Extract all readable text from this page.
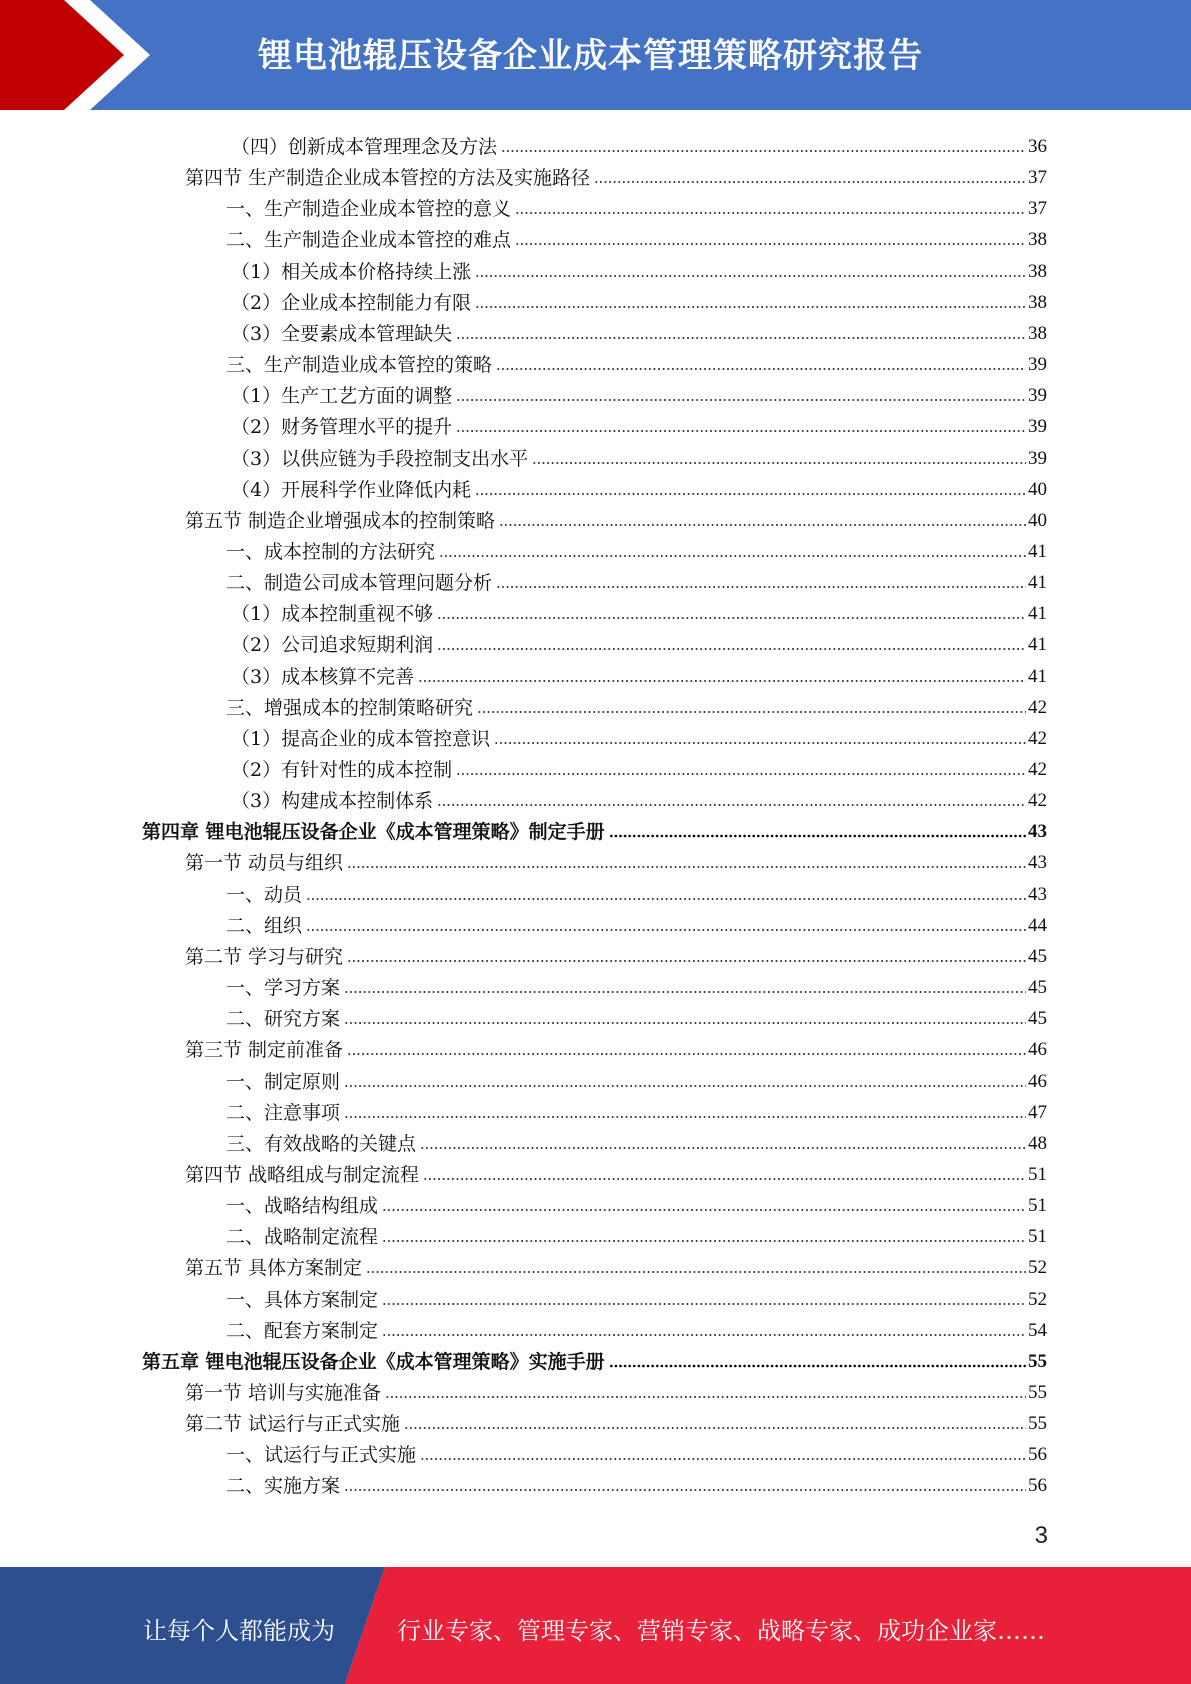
锂电池辊压设备企业成本管理策略研究报告
（四）创新成本管理理念及方法	36
第四节 生产制造企业成本管控的方法及实施路径	37
一、生产制造企业成本管控的意义	37
二、生产制造企业成本管控的难点	38
（1）相关成本价格持续上涨	38
（2）企业成本控制能力有限	38
（3）全要素成本管理缺失	38
三、生产制造业成本管控的策略	39
（1）生产工艺方面的调整	39
（2）财务管理水平的提升	39
（3）以供应链为手段控制支出水平	39
（4）开展科学作业降低内耗	40
第五节 制造企业增强成本的控制策略	40
一、成本控制的方法研究	41
二、制造公司成本管理问题分析	41
（1）成本控制重视不够	41
（2）公司追求短期利润	41
（3）成本核算不完善	41
三、增强成本的控制策略研究	42
（1）提高企业的成本管控意识	42
（2）有针对性的成本控制	42
（3）构建成本控制体系	42
第四章 锂电池辊压设备企业《成本管理策略》制定手册	43
第一节 动员与组织	43
一、动员	43
二、组织	44
第二节 学习与研究	45
一、学习方案	45
二、研究方案	45
第三节 制定前准备	46
一、制定原则	46
二、注意事项	47
三、有效战略的关键点	48
第四节 战略组成与制定流程	51
一、战略结构组成	51
二、战略制定流程	51
第五节 具体方案制定	52
一、具体方案制定	52
二、配套方案制定	54
第五章 锂电池辊压设备企业《成本管理策略》实施手册	55
第一节 培训与实施准备	55
第二节 试运行与正式实施	55
一、试运行与正式实施	56
二、实施方案	56
3
让每个人都能成为	行业专家、管理专家、营销专家、战略专家、成功企业家……
